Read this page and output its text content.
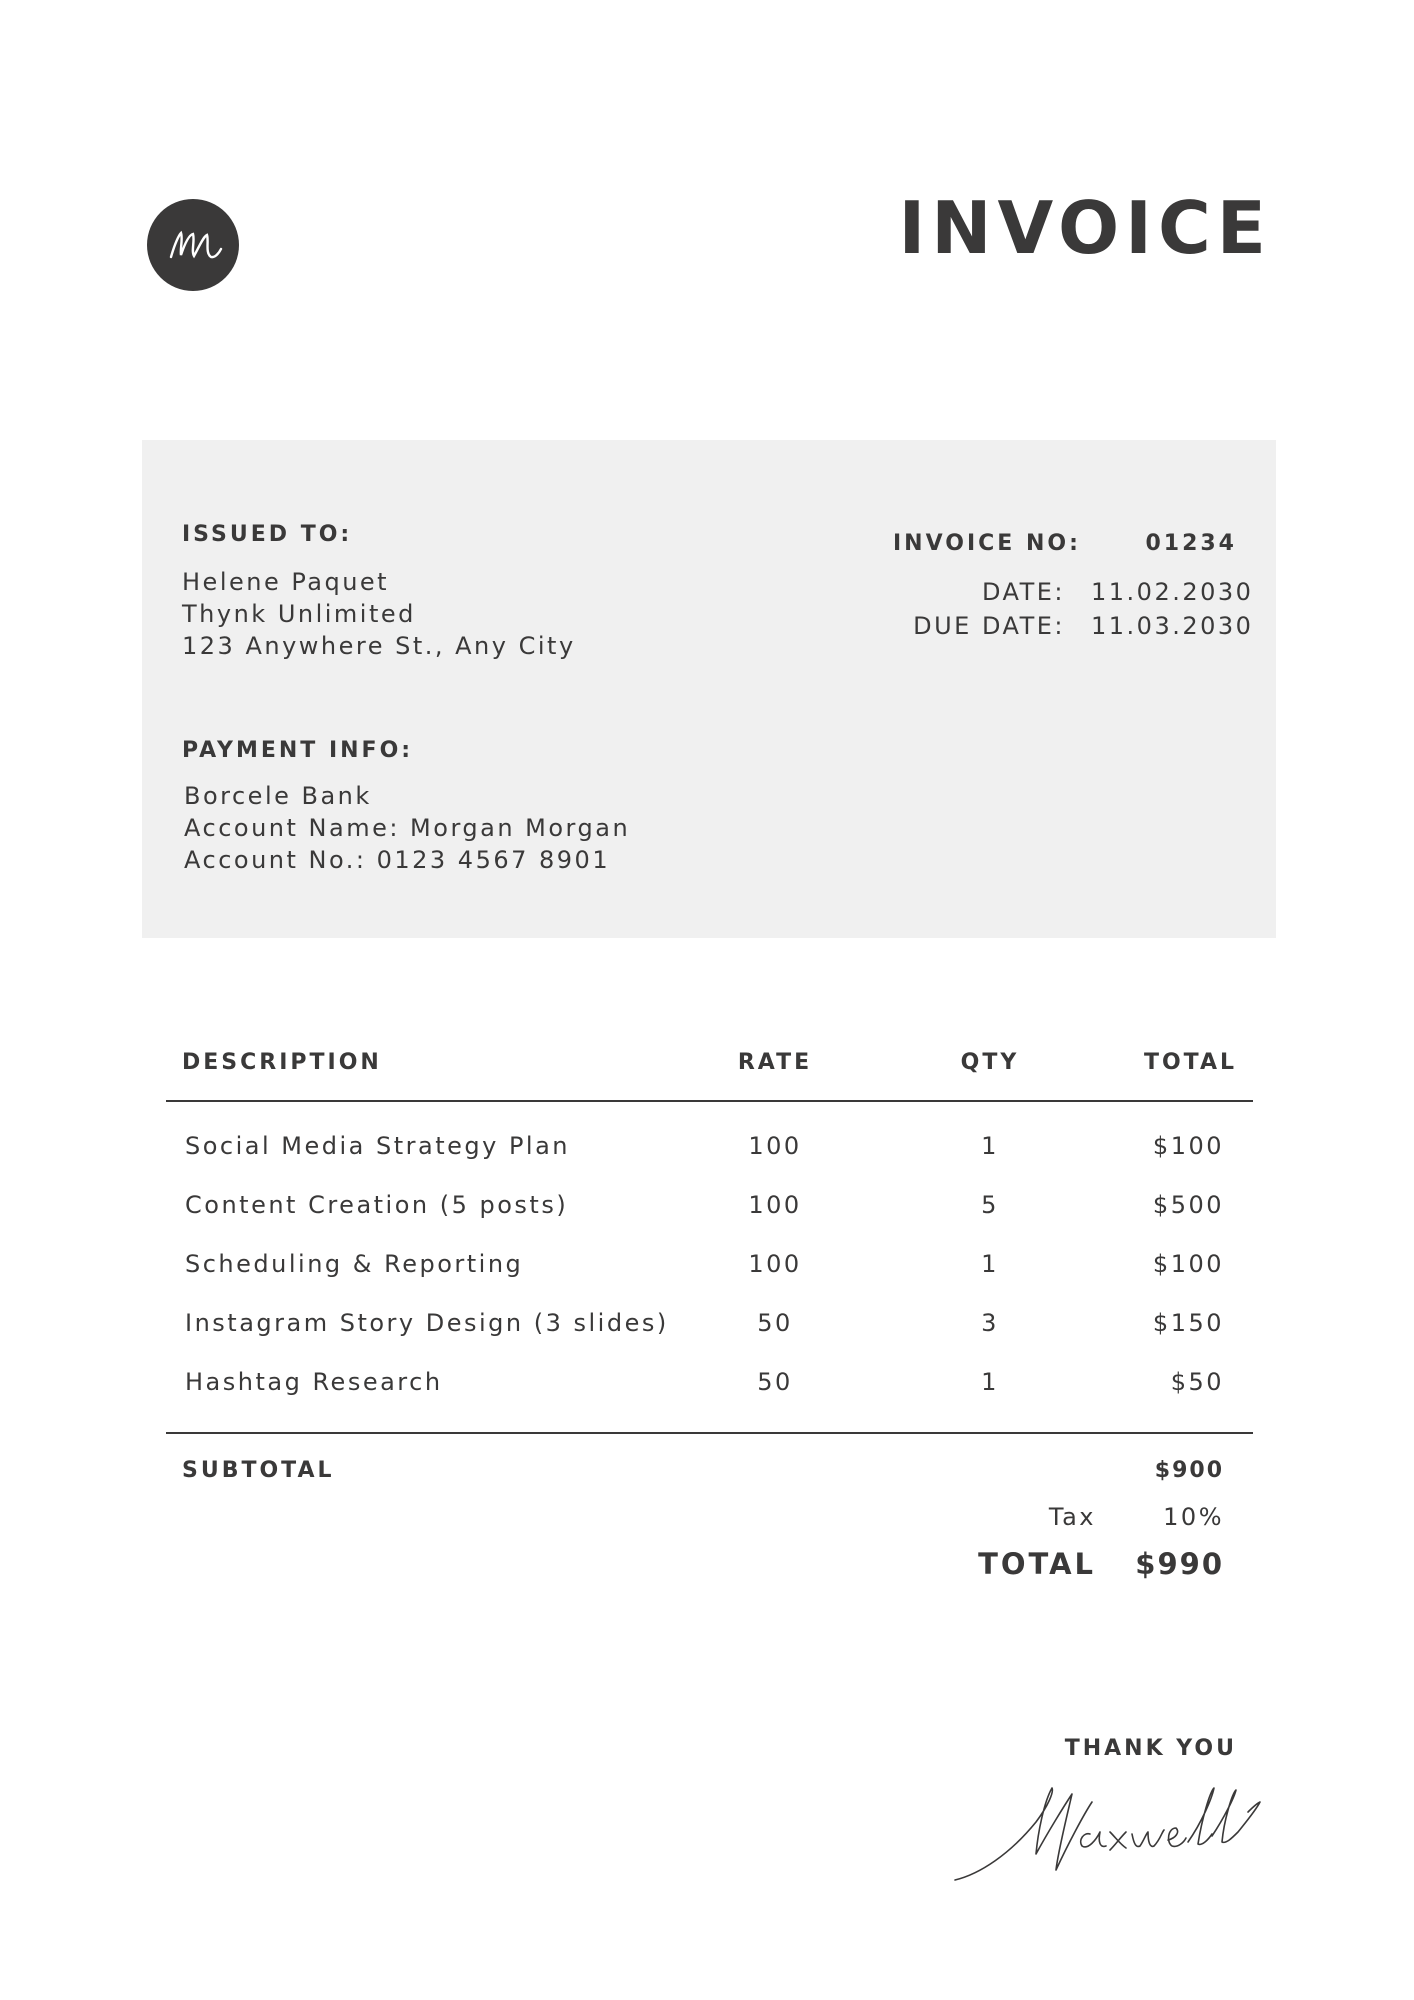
INVOICE
ISSUED TO:
Helene Paquet
Thynk Unlimited
123 Anywhere St., Any City
PAYMENT INFO:
Borcele Bank
Account Name: Morgan Morgan
Account No.: 0123 4567 8901
INVOICE NO:	01234
DATE: 11.02.2030
DUE DATE: 11.03.2030
DESCRIPTION	RATE	QTY	TOTAL
Social Media Strategy Plan	100	1	$100
Content Creation (5 posts)	100	5	$500
Scheduling & Reporting	100	1	$100
Instagram Story Design (3 slides)	50	3	$150
Hashtag Research	50	1	$50
SUBTOTAL	$900
Tax	10%
TOTAL $990
THANK YOU
